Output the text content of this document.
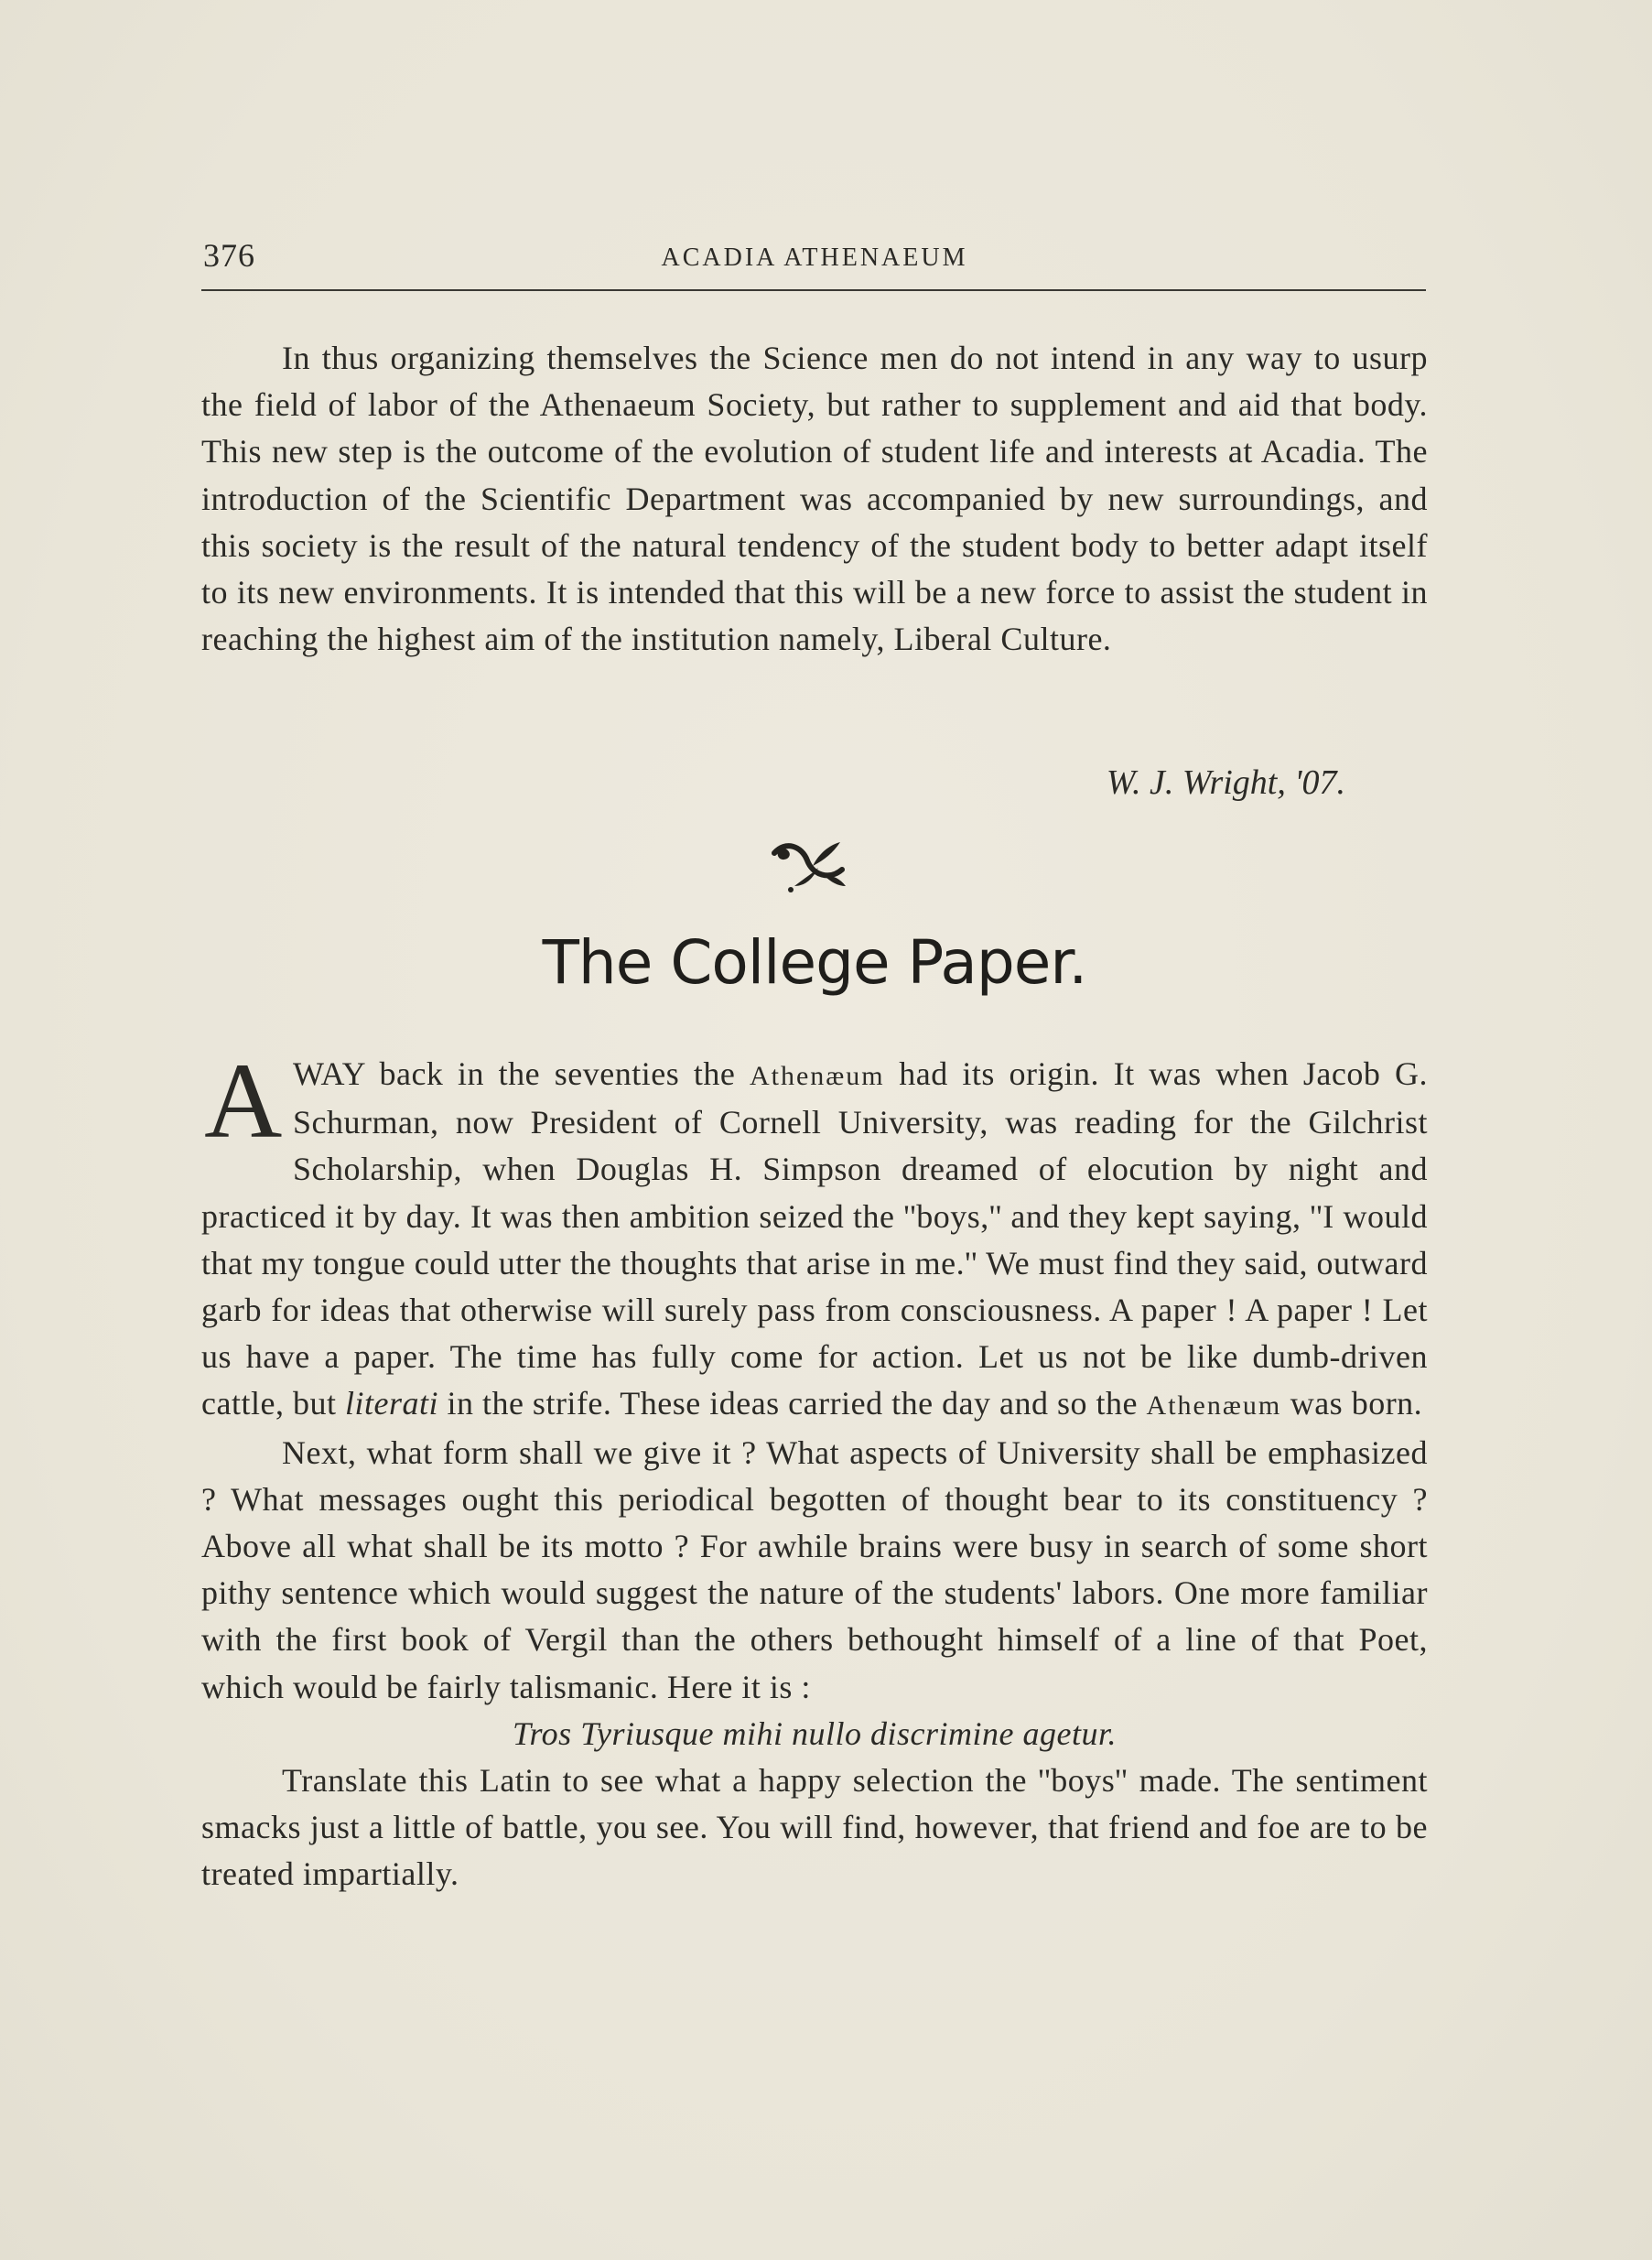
376	ACADIA ATHENAEUM

In thus organizing themselves the Science men do not intend in any way to usurp the field of labor of the Athenaeum Society, but rather to supplement and aid that body. This new step is the outcome of the evolution of student life and interests at Acadia. The introduction of the Scientific Department was accompanied by new surroundings, and this society is the result of the natural tendency of the student body to better adapt itself to its new environments. It is intended that this will be a new force to assist the student in reaching the highest aim of the institution namely, Liberal Culture.

W. J. Wright, '07.
The College Paper.

A WAY back in the seventies the Athenæum had its origin. It was when Jacob G. Schurman, now President of Cornell University, was reading for the Gilchrist Scholarship, when Douglas H. Simpson dreamed of elocution by night and practiced it by day. It was then ambition seized the ''boys,'' and they kept saying, ''I would that my tongue could utter the thoughts that arise in me.'' We must find they said, outward garb for ideas that otherwise will surely pass from consciousness. A paper ! A paper ! Let us have a paper. The time has fully come for action. Let us not be like dumb-driven cattle, but literati in the strife. These ideas carried the day and so the Athenæum was born.

Next, what form shall we give it ? What aspects of University shall be emphasized ? What messages ought this periodical begotten of thought bear to its constituency ? Above all what shall be its motto ? For awhile brains were busy in search of some short pithy sentence which would suggest the nature of the students' labors. One more familiar with the first book of Vergil than the others bethought himself of a line of that Poet, which would be fairly talismanic. Here it is :

Tros Tyriusque mihi nullo discrimine agetur.

Translate this Latin to see what a happy selection the ''boys'' made. The sentiment smacks just a little of battle, you see. You will find, however, that friend and foe are to be treated impartially.
